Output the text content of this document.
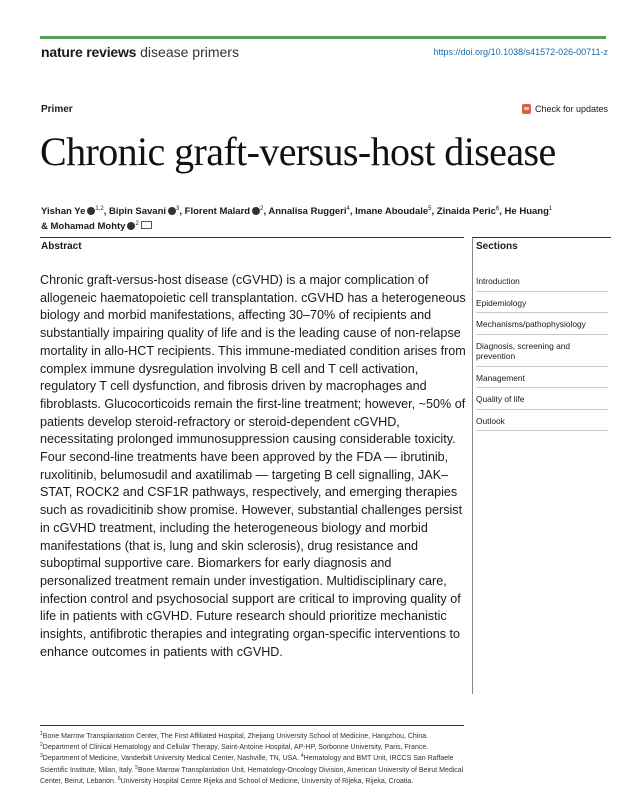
nature reviews disease primers	https://doi.org/10.1038/s41572-026-00711-z
Primer	Check for updates
Chronic graft-versus-host disease
Yishan Ye $^{1,2}$, Bipin Savani $^3$, Florent Malard $^2$, Annalisa Ruggeri$^4$, Imane Aboudale$^5$, Zinaida Peric$^6$, He Huang$^1$
& Mohamad Mohty $^2$
Abstract
Chronic graft-versus-host disease (cGVHD) is a major complication of allogeneic haematopoietic cell transplantation. cGVHD has a heterogeneous biology and morbid manifestations, affecting 30–70% of recipients and substantially impairing quality of life and is the leading cause of non-relapse mortality in allo-HCT recipients. This immune-mediated condition arises from complex immune dysregulation involving B cell and T cell activation, regulatory T cell dysfunction, and fibrosis driven by macrophages and fibroblasts. Glucocorticoids remain the first-line treatment; however, ~50% of patients develop steroid-refractory or steroid-dependent cGVHD, necessitating prolonged immunosuppression causing considerable toxicity. Four second-line treatments have been approved by the FDA — ibrutinib, ruxolitinib, belumosudil and axatilimab — targeting B cell signalling, JAK–STAT, ROCK2 and CSF1R pathways, respectively, and emerging therapies such as rovadicitinib show promise. However, substantial challenges persist in cGVHD treatment, including the heterogeneous biology and morbid manifestations (that is, lung and skin sclerosis), drug resistance and suboptimal supportive care. Biomarkers for early diagnosis and personalized treatment remain under investigation. Multidisciplinary care, infection control and psychosocial support are critical to improving quality of life in patients with cGVHD. Future research should prioritize mechanistic insights, antifibrotic therapies and integrating organ-specific interventions to enhance outcomes in patients with cGVHD.
Sections
Introduction
Epidemiology
Mechanisms/pathophysiology
Diagnosis, screening and prevention
Management
Quality of life
Outlook
$^1$Bone Marrow Transplantation Center, The First Affiliated Hospital, Zhejiang University School of Medicine, Hangzhou, China. $^2$Department of Clinical Hematology and Cellular Therapy, Saint-Antoine Hospital, AP-HP, Sorbonne University, Paris, France. $^3$Department of Medicine, Vanderbilt University Medical Center, Nashville, TN, USA. $^4$Hematology and BMT Unit, IRCCS San Raffaele Scientific Institute, Milan, Italy. $^5$Bone Marrow Transplantation Unit, Hematology-Oncology Division, American University of Beirut Medical Center, Beirut, Lebanon. $^6$University Hospital Centre Rijeka and School of Medicine, University of Rijeka, Rijeka, Croatia.
